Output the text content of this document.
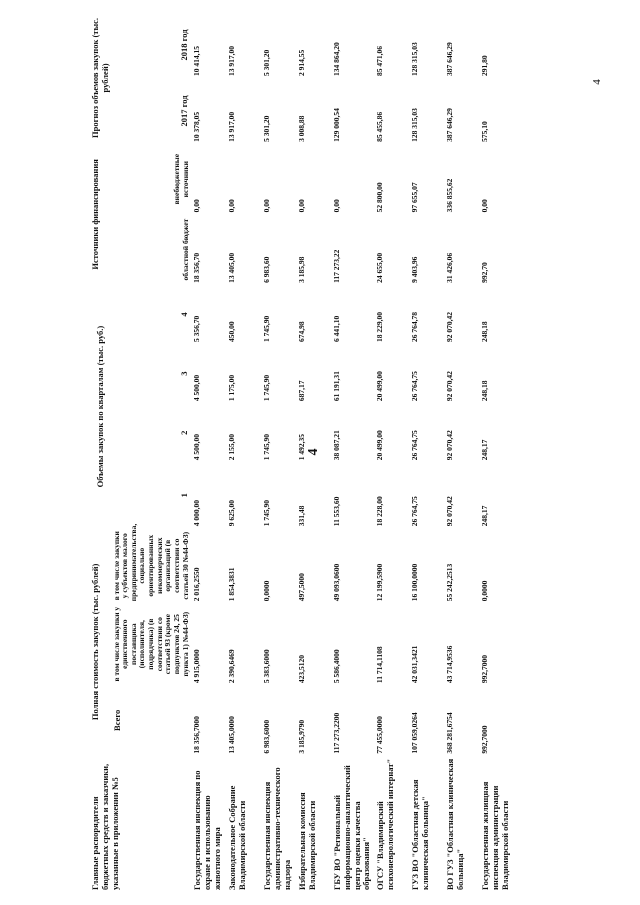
4
4
Главные распорядители бюджетных средств и заказчики, указанные в приложении №5	Полная стоимость закупок (тыс. рублей)			Объемы закупок по кварталам (тыс. руб.)				Источники финансирования		Прогноз объемов закупок (тыс. рублей)	
	Всего	в том числе закупки у единственного поставщика (исполнителя, подрядчика) (в соответствии со статьей 93 (кроме подпунктов 24, 25 пункта 1) №44-ФЗ)	в том числе закупки у субъектов малого предпринимательства, социально ориентированных некоммерческих организаций (в соответствии со статьей 30 №44-ФЗ)	1	2	3	4	областной бюджет	внебюджетные источники	2017 год	2018 год

Государственная инспекция по охране и использованию животного мира	18 356,7000	4 915,0000	2 016,2550	4 000,00	4 500,00	4 500,00	5 356,70	18 356,70	0,00	10 378,05	10 414,15
Законодательное Собрание Владимирской области	13 405,0000	2 390,6469	1 854,3831	9 625,00	2 155,00	1 175,00	450,00	13 405,00	0,00	13 917,00	13 917,00
Государственная инспекция административно-технического надзора	6 983,6000	5 383,6000	0,0000	1 745,90	1 745,90	1 745,90	1 745,90	6 983,60	0,00	5 301,20	5 301,20
Избирательная комиссия Владимирской области	3 185,9790	423,5120	497,5000	331,48	1 492,35	687,17	674,98	3 185,98	0,00	3 008,88	2 914,55
ГБУ ВО "Региональный информационно-аналитический центр оценки качества образования"	117 273,2200	5 586,4000	49 093,0600	11 553,60	38 087,21	61 191,31	6 441,10	117 273,22	0,00	129 000,54	134 864,20
ОГСУ "Владимирский психоневрологический интернат"	77 455,0000	11 714,1108	12 199,5900	18 228,00	20 499,00	20 499,00	18 229,00	24 655,00	52 800,00	85 455,86	85 471,06
ГУЗ ВО "Областная детская клиническая больница"	107 059,0264	42 031,3421	16 100,0000	26 764,75	26 764,75	26 764,75	26 764,78	9 403,96	97 655,07	128 315,03	128 315,03
ВО ГУЗ "Областная клиническая больница"	368 281,6754	43 714,9536	55 242,2513	92 070,42	92 070,42	92 070,42	92 070,42	31 426,06	336 855,62	387 646,29	387 646,29
Государственная жилищная инспекция администрации Владимирской области	992,7000	992,7000	0,0000	248,17	248,17	248,18	248,18	992,70	0,00	575,10	291,80
